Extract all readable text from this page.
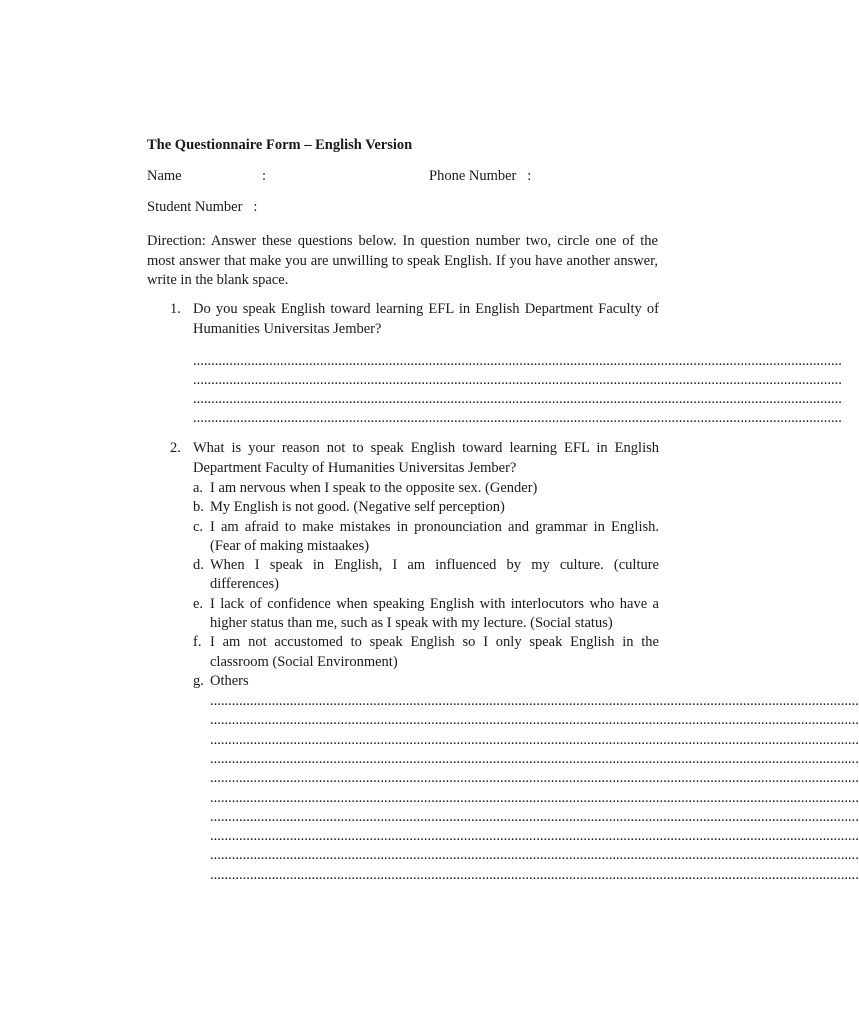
The Questionnaire Form – English Version
Name	:	Phone Number   :
Student Number   :
Direction: Answer these questions below. In question number two, circle one of the most answer that make you are unwilling to speak English. If you have another answer, write in the blank space.
1. Do you speak English toward learning EFL in English Department Faculty of Humanities Universitas Jember?
...................................................................................................................................................................................
...................................................................................................................................................................................
...................................................................................................................................................................................
...................................................................................................................................................................................
2. What is your reason not to speak English toward learning EFL in English Department Faculty of Humanities Universitas Jember?
a. I am nervous when I speak to the opposite sex. (Gender)
b. My English is not good. (Negative self perception)
c. I am afraid to make mistakes in pronounciation and grammar in English. (Fear of making mistaakes)
d. When I speak in English, I am influenced by my culture. (culture differences)
e. I lack of confidence when speaking English with interlocutors who have a higher status than me, such as I speak with my lecture. (Social status)
f. I am not accustomed to speak English so I only speak English in the classroom (Social Environment)
g. Others
...................................................................................................................................................................................
...................................................................................................................................................................................
...................................................................................................................................................................................
...................................................................................................................................................................................
...................................................................................................................................................................................
...................................................................................................................................................................................
...................................................................................................................................................................................
...................................................................................................................................................................................
...................................................................................................................................................................................
...................................................................................................................................................................................
